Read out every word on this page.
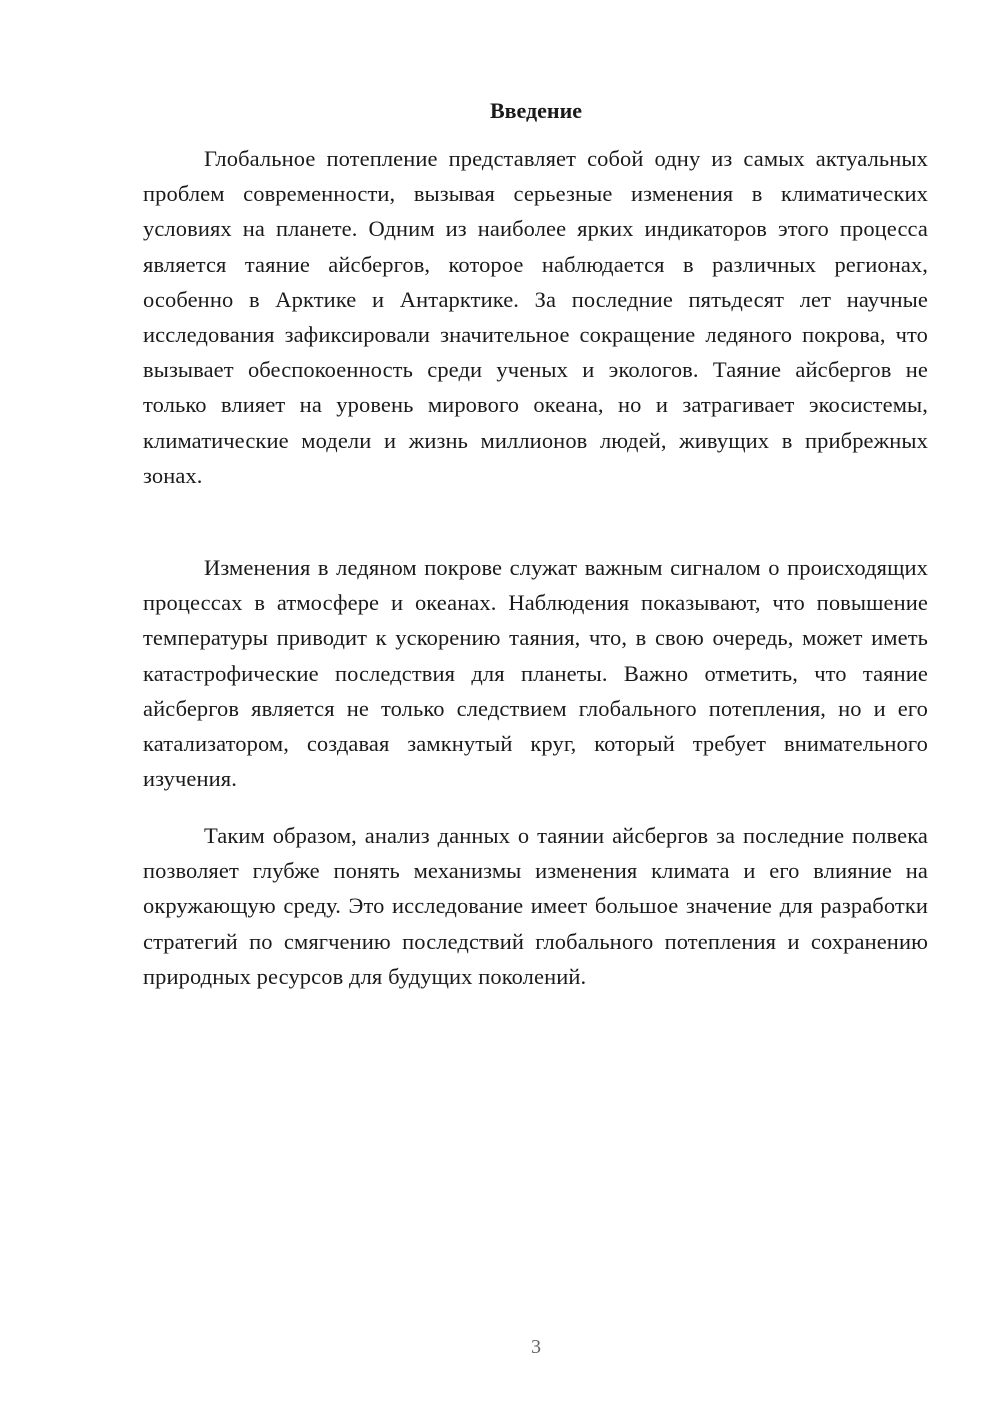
Введение

Глобальное потепление представляет собой одну из самых актуальных проблем современности, вызывая серьезные изменения в климатических условиях на планете. Одним из наиболее ярких индикаторов этого процесса является таяние айсбергов, которое наблюдается в различных регионах, особенно в Арктике и Антарктике. За последние пятьдесят лет научные исследования зафиксировали значительное сокращение ледяного покрова, что вызывает обеспокоенность среди ученых и экологов. Таяние айсбергов не только влияет на уровень мирового океана, но и затрагивает экосистемы, климатические модели и жизнь миллионов людей, живущих в прибрежных зонах.

Изменения в ледяном покрове служат важным сигналом о происходящих процессах в атмосфере и океанах. Наблюдения показывают, что повышение температуры приводит к ускорению таяния, что, в свою очередь, может иметь катастрофические последствия для планеты. Важно отметить, что таяние айсбергов является не только следствием глобального потепления, но и его катализатором, создавая замкнутый круг, который требует внимательного изучения.

Таким образом, анализ данных о таянии айсбергов за последние полвека позволяет глубже понять механизмы изменения климата и его влияние на окружающую среду. Это исследование имеет большое значение для разработки стратегий по смягчению последствий глобального потепления и сохранению природных ресурсов для будущих поколений.

3
